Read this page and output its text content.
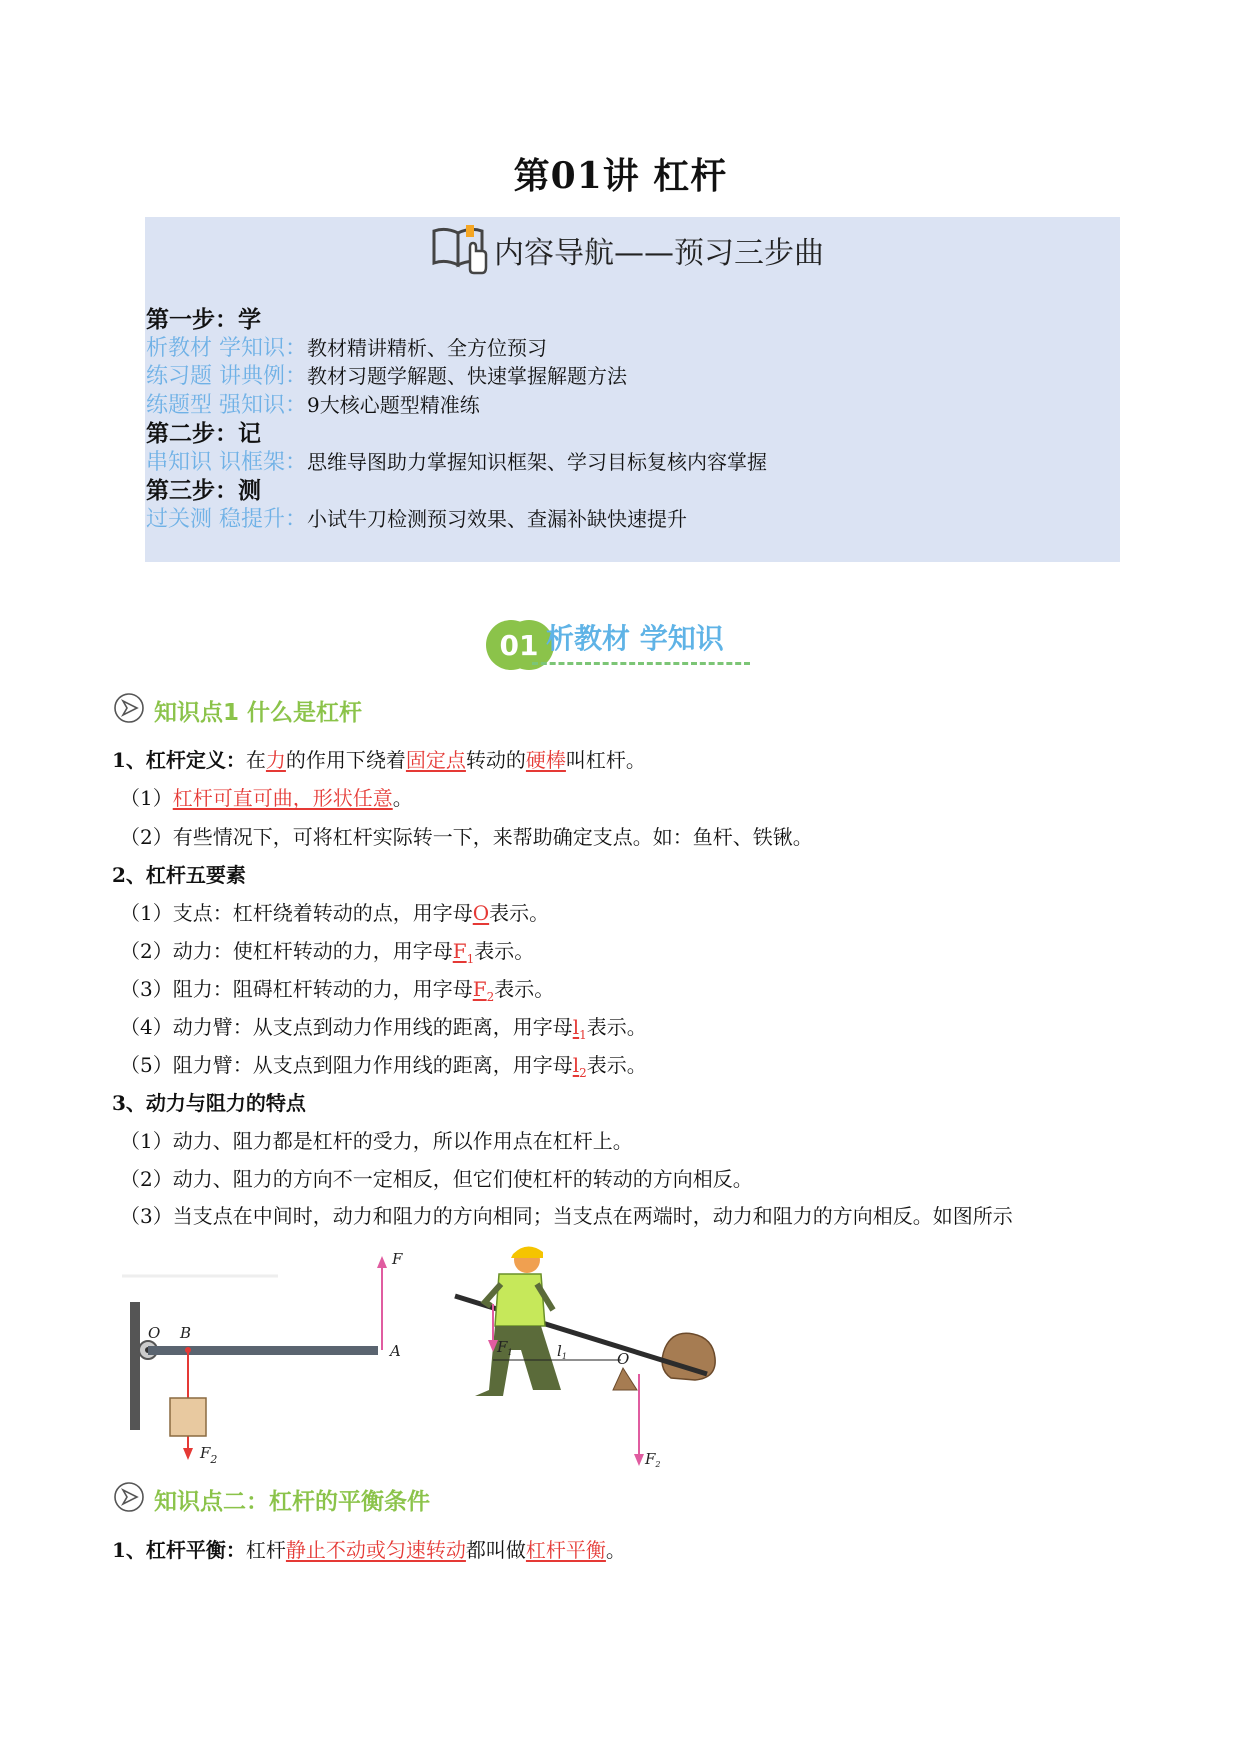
第01讲 杠杆
内容导航——预习三步曲
第一步：学
析教材 学知识：教材精讲精析、全方位预习
练习题 讲典例：教材习题学解题、快速掌握解题方法
练题型 强知识：9大核心题型精准练
第二步：记
串知识 识框架：思维导图助力掌握知识框架、学习目标复核内容掌握
第三步：测
过关测 稳提升：小试牛刀检测预习效果、查漏补缺快速提升
01 析教材 学知识
知识点1 什么是杠杆
1、杠杆定义：在力的作用下绕着固定点转动的硬棒叫杠杆。
（1）杠杆可直可曲，形状任意。
（2）有些情况下，可将杠杆实际转一下，来帮助确定支点。如：鱼杆、铁锹。
2、杠杆五要素
（1）支点：杠杆绕着转动的点，用字母O表示。
（2）动力：使杠杆转动的力，用字母$F_1$表示。
（3）阻力：阻碍杠杆转动的力，用字母$F_2$表示。
（4）动力臂：从支点到动力作用线的距离，用字母$l_1$表示。
（5）阻力臂：从支点到阻力作用线的距离，用字母$l_2$表示。
3、动力与阻力的特点
（1）动力、阻力都是杠杆的受力，所以作用点在杠杆上。
（2）动力、阻力的方向不一定相反，但它们使杠杆的转动的方向相反。
（3）当支点在中间时，动力和阻力的方向相同；当支点在两端时，动力和阻力的方向相反。如图所示
O B
A
F
$F_2$
$F_1$	$l_1$	O
$F_2$
知识点二：杠杆的平衡条件
1、杠杆平衡：杠杆静止不动或匀速转动都叫做杠杆平衡。
